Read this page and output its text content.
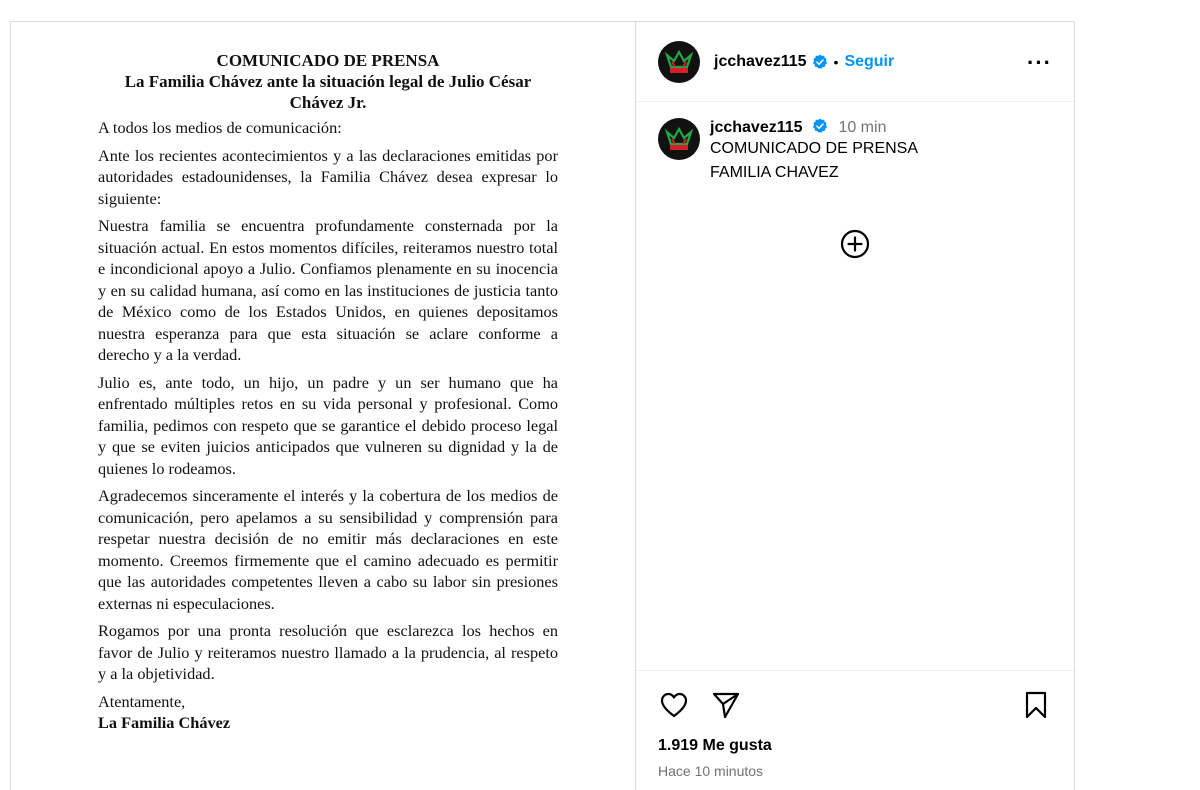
COMUNICADO DE PRENSA
La Familia Chávez ante la situación legal de Julio César Chávez Jr.

A todos los medios de comunicación:

Ante los recientes acontecimientos y a las declaraciones emitidas por autoridades estadounidenses, la Familia Chávez desea expresar lo siguiente:

Nuestra familia se encuentra profundamente consternada por la situación actual. En estos momentos difíciles, reiteramos nuestro total e incondicional apoyo a Julio. Confiamos plenamente en su inocencia y en su calidad humana, así como en las instituciones de justicia tanto de México como de los Estados Unidos, en quienes depositamos nuestra esperanza para que esta situación se aclare conforme a derecho y a la verdad.

Julio es, ante todo, un hijo, un padre y un ser humano que ha enfrentado múltiples retos en su vida personal y profesional. Como familia, pedimos con respeto que se garantice el debido proceso legal y que se eviten juicios anticipados que vulneren su dignidad y la de quienes lo rodeamos.

Agradecemos sinceramente el interés y la cobertura de los medios de comunicación, pero apelamos a su sensibilidad y comprensión para respetar nuestra decisión de no emitir más declaraciones en este momento. Creemos firmemente que el camino adecuado es permitir que las autoridades competentes lleven a cabo su labor sin presiones externas ni especulaciones.

Rogamos por una pronta resolución que esclarezca los hechos en favor de Julio y reiteramos nuestro llamado a la prudencia, al respeto y a la objetividad.

Atentamente,
La Familia Chávez
jcchavez115 • Seguir	···
jcchavez115 10 min
COMUNICADO DE PRENSA
FAMILIA CHAVEZ
1.919 Me gusta
Hace 10 minutos
